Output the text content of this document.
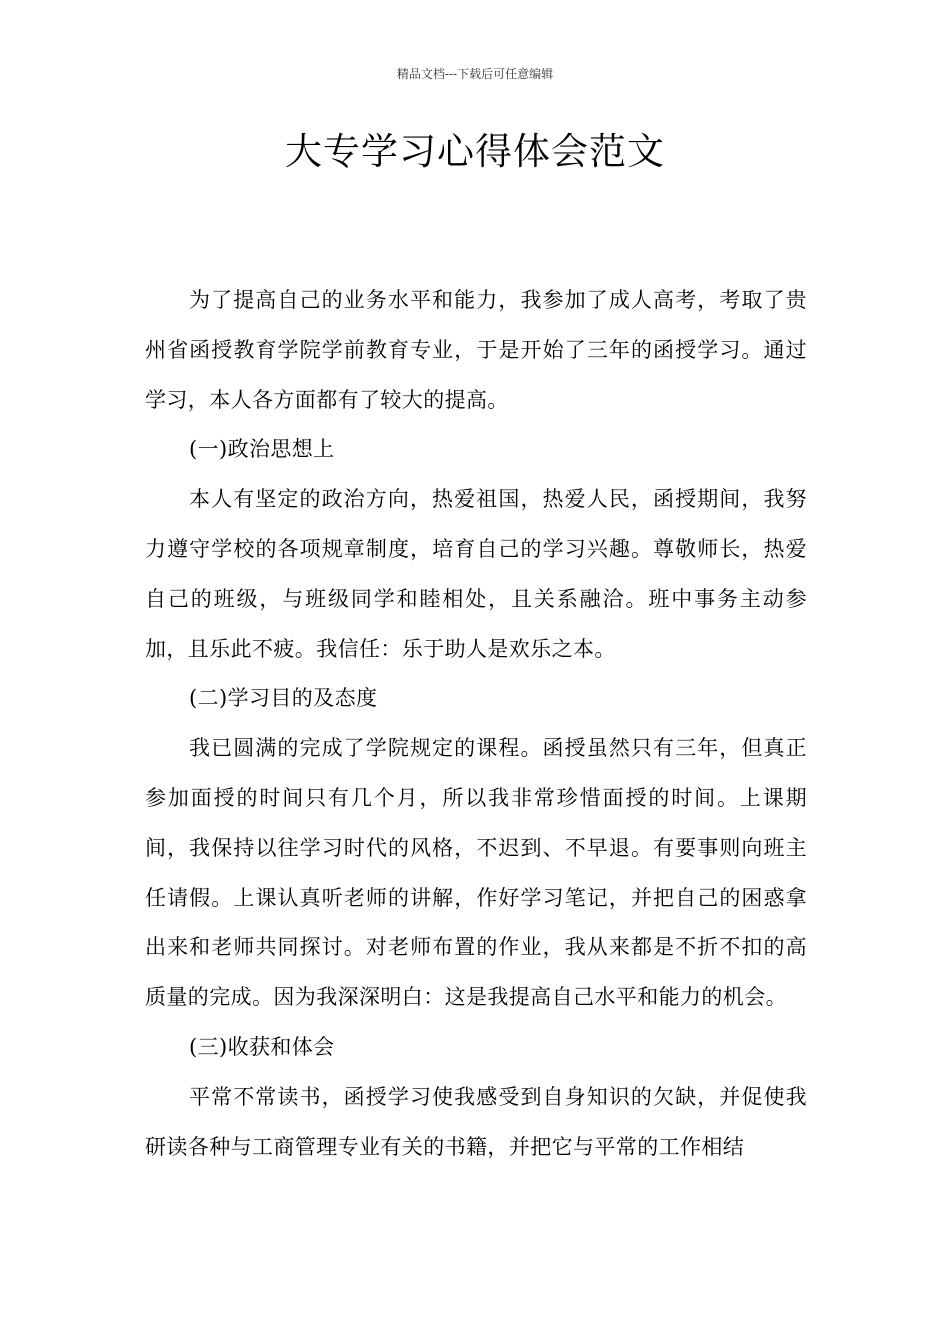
精品文档---下载后可任意编辑
大专学习心得体会范文

为了提高自己的业务水平和能力，我参加了成人高考，考取了贵州省函授教育学院学前教育专业，于是开始了三年的函授学习。通过学习，本人各方面都有了较大的提高。

(一)政治思想上

本人有坚定的政治方向，热爱祖国，热爱人民，函授期间，我努力遵守学校的各项规章制度，培育自己的学习兴趣。尊敬师长，热爱自己的班级，与班级同学和睦相处，且关系融洽。班中事务主动参加，且乐此不疲。我信任：乐于助人是欢乐之本。

(二)学习目的及态度

我已圆满的完成了学院规定的课程。函授虽然只有三年，但真正参加面授的时间只有几个月，所以我非常珍惜面授的时间。上课期间，我保持以往学习时代的风格，不迟到、不早退。有要事则向班主任请假。上课认真听老师的讲解，作好学习笔记，并把自己的困惑拿出来和老师共同探讨。对老师布置的作业，我从来都是不折不扣的高质量的完成。因为我深深明白：这是我提高自己水平和能力的机会。

(三)收获和体会

平常不常读书，函授学习使我感受到自身知识的欠缺，并促使我研读各种与工商管理专业有关的书籍，并把它与平常的工作相结
